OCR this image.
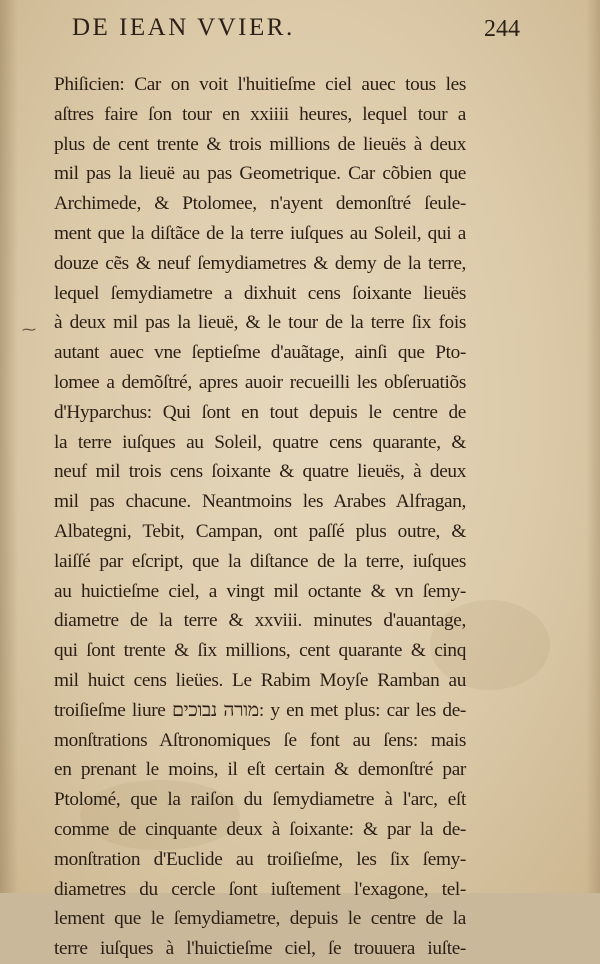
DE IEAN VVIER.	244
⁓
Phiſicien: Car on voit l'huitieſme ciel auec tous les
aſtres faire ſon tour en xxiiii heures, lequel tour a
plus de cent trente & trois millions de lieuës à deux
mil pas la lieuë au pas Geometrique. Car cõbien que
Archimede, & Ptolomee, n'ayent demonſtré ſeule-
ment que la diſtãce de la terre iuſques au Soleil, qui a
douze cẽs & neuf ſemydiametres & demy de la terre,
lequel ſemydiametre a dixhuit cens ſoixante lieuës
à deux mil pas la lieuë, & le tour de la terre ſix fois
autant auec vne ſeptieſme d'auãtage, ainſi que Pto-
lomee a demõſtré, apres auoir recueilli les obſeruatiõs
d'Hyparchus: Qui ſont en tout depuis le centre de
la terre iuſques au Soleil, quatre cens quarante, &
neuf mil trois cens ſoixante & quatre lieuës, à deux
mil pas chacune. Neantmoins les Arabes Alfragan,
Albategni, Tebit, Campan, ont paſſé plus outre, &
laiſſé par eſcript, que la diſtance de la terre, iuſques
au huictieſme ciel, a vingt mil octante & vn ſemy-
diametre de la terre & xxviii. minutes d'auantage,
qui ſont trente & ſix millions, cent quarante & cinq
mil huict cens lieües. Le Rabim Moyſe Ramban au
troiſieſme liure מורה נבוכים: y en met plus: car les de-
monſtrations Aſtronomiques ſe font au ſens: mais
en prenant le moins, il eſt certain & demonſtré par
Ptolomé, que la raiſon du ſemydiametre à l'arc, eſt
comme de cinquante deux à ſoixante: & par la de-
monſtration d'Euclide au troiſieſme, les ſix ſemy-
diametres du cercle ſont iuſtement l'exagone, tel-
lement que le ſemydiametre, depuis le centre de la
terre iuſques à l'huictieſme ciel, ſe trouuera iuſte-
